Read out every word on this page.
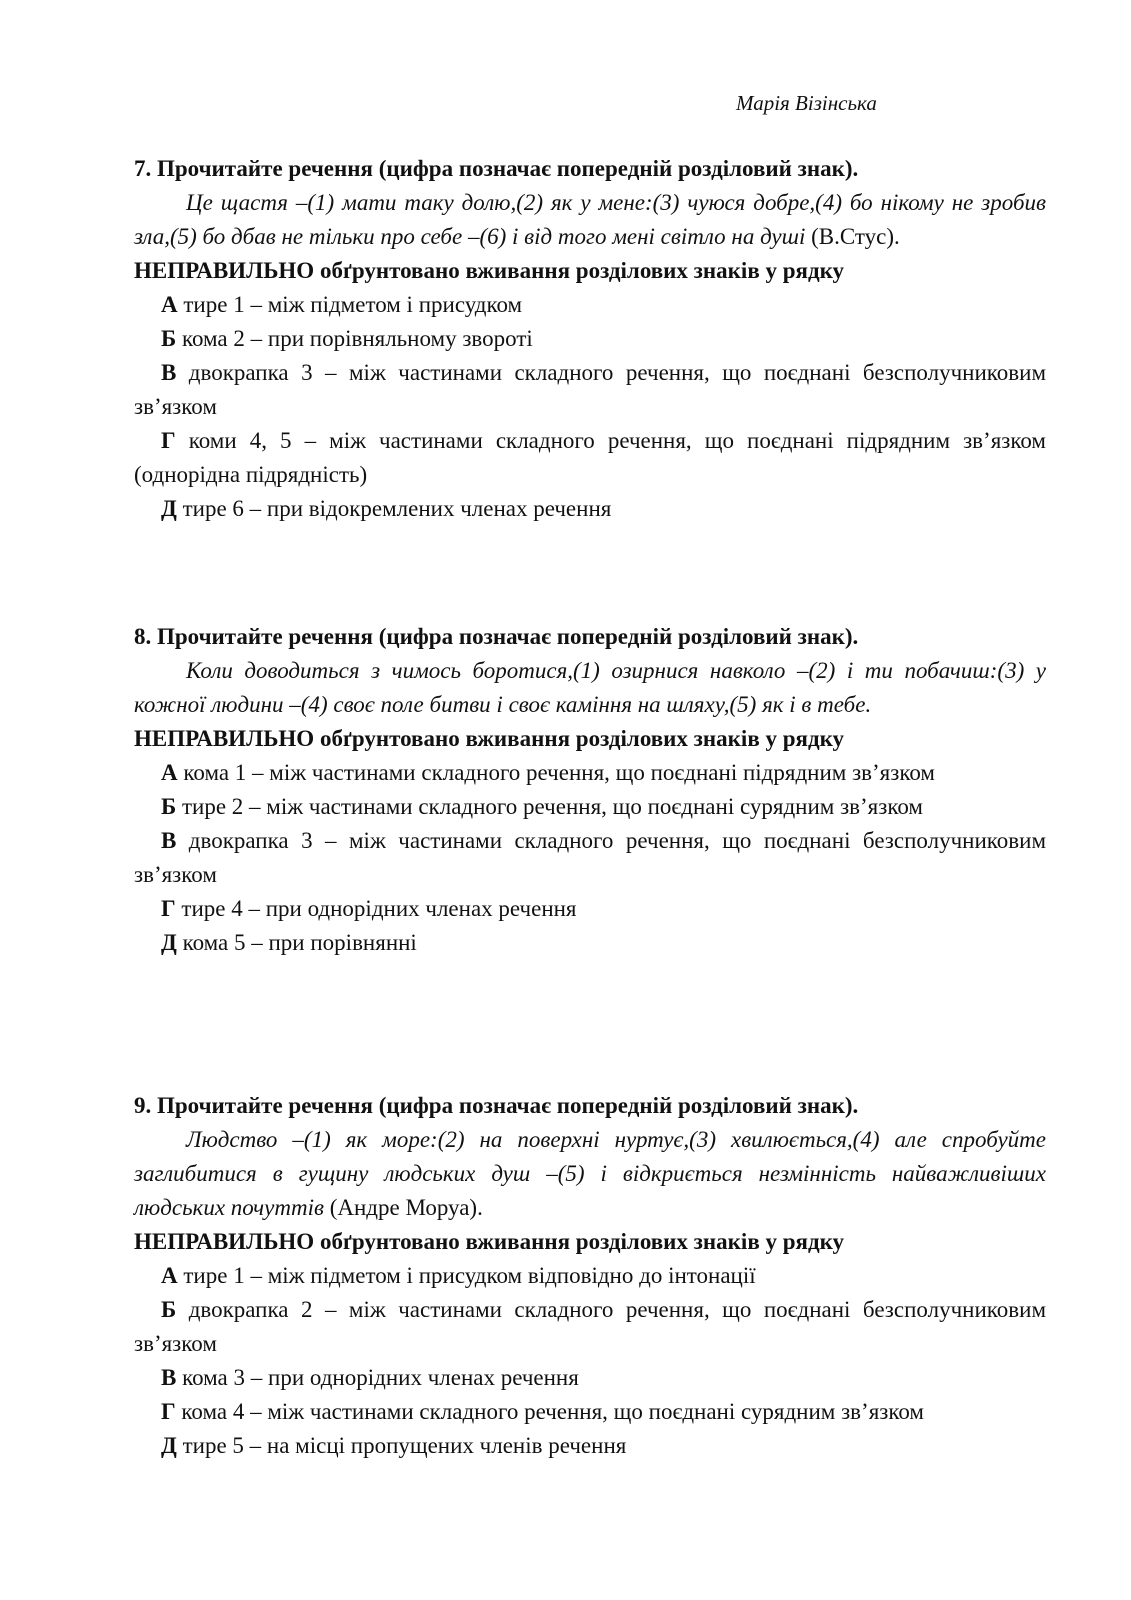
Марія Візінська
7. Прочитайте речення (цифра позначає попередній розділовий знак).
Це щастя –(1) мати таку долю,(2) як у мене:(3) чуюся добре,(4) бо нікому не зробив зла,(5) бо дбав не тільки про себе –(6) і від того мені світло на душі (В.Стус).
НЕПРАВИЛЬНО обґрунтовано вживання розділових знаків у рядку
А тире 1 – між підметом і присудком
Б кома 2 – при порівняльному звороті
В двокрапка 3 – між частинами складного речення, що поєднані безсполучниковим зв’язком
Г коми 4, 5 – між частинами складного речення, що поєднані підрядним зв’язком (однорідна підрядність)
Д тире 6 – при відокремлених членах речення
8. Прочитайте речення (цифра позначає попередній розділовий знак).
Коли доводиться з чимось боротися,(1) озирнися навколо –(2) і ти побачиш:(3) у кожної людини –(4) своє поле битви і своє каміння на шляху,(5) як і в тебе.
НЕПРАВИЛЬНО обґрунтовано вживання розділових знаків у рядку
А кома 1 – між частинами складного речення, що поєднані підрядним зв’язком
Б тире 2 – між частинами складного речення, що поєднані сурядним зв’язком
В двокрапка 3 – між частинами складного речення, що поєднані безсполучниковим зв’язком
Г тире 4 – при однорідних членах речення
Д кома 5 – при порівнянні
9. Прочитайте речення (цифра позначає попередній розділовий знак).
Людство –(1) як море:(2) на поверхні нуртує,(3) хвилюється,(4) але спробуйте заглибитися в гущину людських душ –(5) і відкриється незмінність найважливіших людських почуттів (Андре Моруа).
НЕПРАВИЛЬНО обґрунтовано вживання розділових знаків у рядку
А тире 1 – між підметом і присудком відповідно до інтонації
Б двокрапка 2 – між частинами складного речення, що поєднані безсполучниковим зв’язком
В кома 3 – при однорідних членах речення
Г кома 4 – між частинами складного речення, що поєднані сурядним зв’язком
Д тире 5 – на місці пропущених членів речення
